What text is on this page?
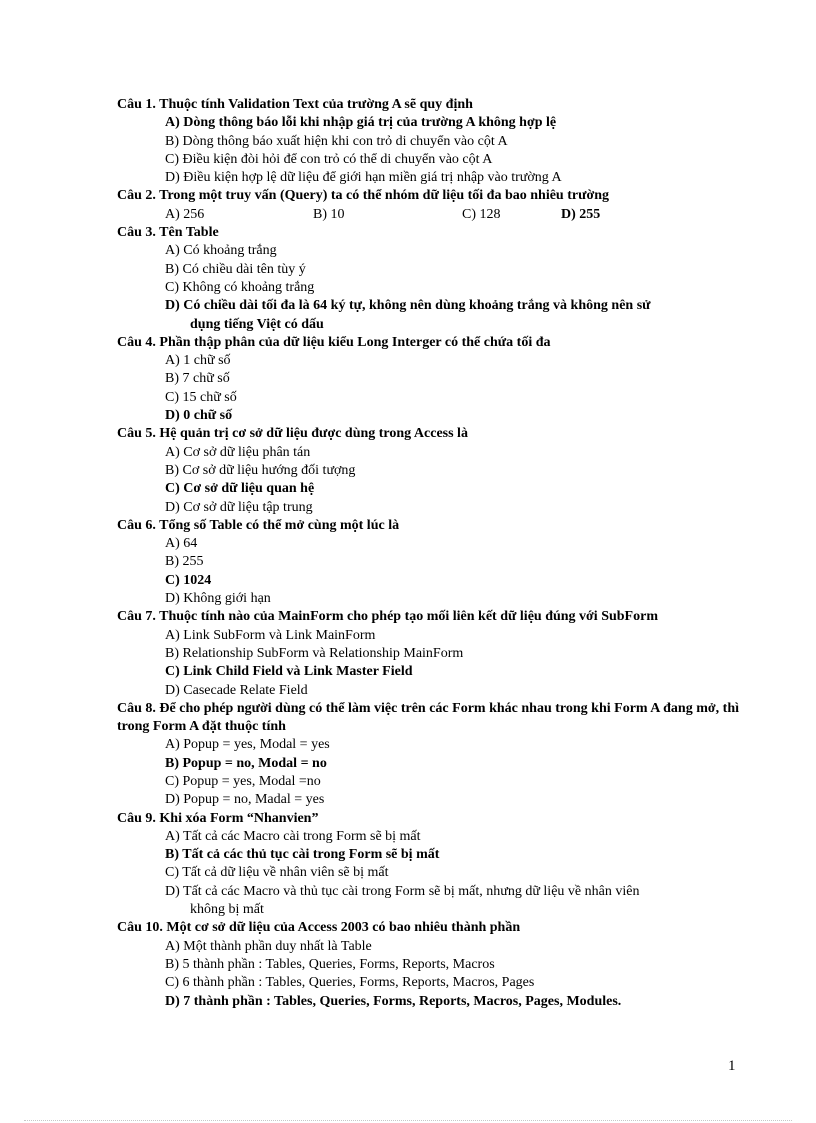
Câu 1. Thuộc tính Validation Text của trường A sẽ quy định
A) Dòng thông báo lỗi khi nhập giá trị của trường A không hợp lệ
B) Dòng thông báo xuất hiện khi con trỏ di chuyển vào cột A
C) Điều kiện đòi hỏi để con trỏ có thể di chuyển vào cột A
D) Điều kiện hợp lệ dữ liệu để giới hạn miền giá trị nhập vào trường A
Câu 2. Trong một truy vấn (Query) ta có thể nhóm dữ liệu tối đa bao nhiêu trường
A) 256	B) 10	C) 128	D) 255
Câu 3. Tên Table
A) Có khoảng trắng
B) Có chiều dài tên tùy ý
C) Không có khoảng trắng
D) Có chiều dài tối đa là 64 ký tự, không nên dùng khoảng trắng và không nên sử
dụng tiếng Việt có dấu
Câu 4. Phần thập phân của dữ liệu kiểu Long Interger có thể chứa tối đa
A) 1 chữ số
B) 7 chữ số
C) 15 chữ số
D) 0 chữ số
Câu 5. Hệ quản trị cơ sở dữ liệu được dùng trong Access là
A) Cơ sở dữ liệu phân tán
B) Cơ sở dữ liệu hướng đối tượng
C) Cơ sở dữ liệu quan hệ
D) Cơ sở dữ liệu tập trung
Câu 6. Tổng số Table có thể mở cùng một lúc là
A) 64
B) 255
C) 1024
D) Không giới hạn
Câu 7. Thuộc tính nào của MainForm cho phép tạo mối liên kết dữ liệu đúng với SubForm
A) Link SubForm và Link MainForm
B) Relationship SubForm và Relationship MainForm
C) Link Child Field và Link Master Field
D) Casecade Relate Field
Câu 8. Để cho phép người dùng có thể làm việc trên các Form khác nhau trong khi Form A đang mở, thì trong Form A đặt thuộc tính
A) Popup = yes, Modal = yes
B) Popup = no, Modal = no
C) Popup = yes, Modal =no
D) Popup = no, Madal = yes
Câu 9. Khi xóa Form “Nhanvien”
A) Tất cả các Macro cài trong Form sẽ bị mất
B) Tất cả các thủ tục cài trong Form sẽ bị mất
C) Tất cả dữ liệu về nhân viên sẽ bị mất
D) Tất cả các Macro và thủ tục cài trong Form sẽ bị mất, nhưng dữ liệu về nhân viên
không bị mất
Câu 10. Một cơ sở dữ liệu của Access 2003 có bao nhiêu thành phần
A) Một thành phần duy nhất là Table
B) 5 thành phần : Tables, Queries, Forms, Reports, Macros
C) 6 thành phần : Tables, Queries, Forms, Reports, Macros, Pages
D) 7 thành phần : Tables, Queries, Forms, Reports, Macros, Pages, Modules.
1
